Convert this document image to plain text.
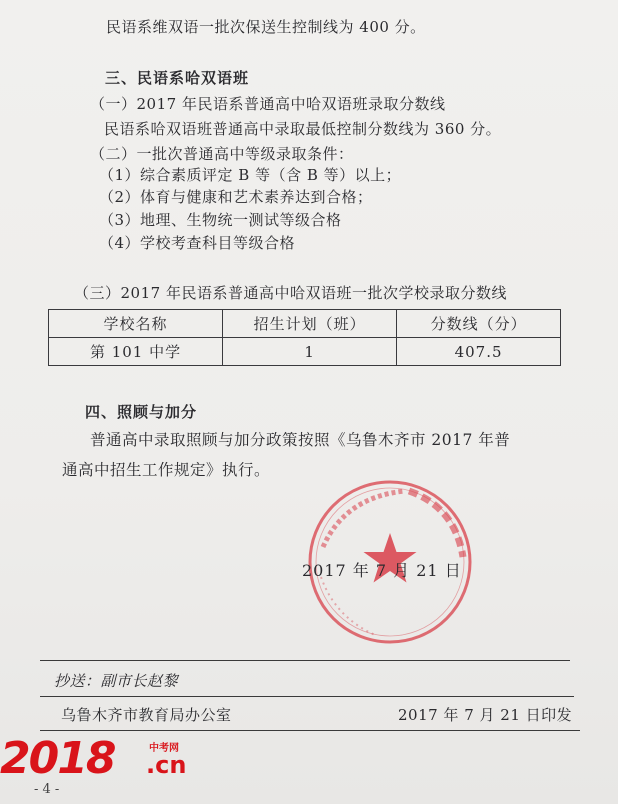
民语系维双语一批次保送生控制线为 400 分。
三、民语系哈双语班
（一）2017 年民语系普通高中哈双语班录取分数线
民语系哈双语班普通高中录取最低控制分数线为 360 分。
（二）一批次普通高中等级录取条件：
（1）综合素质评定 B 等（含 B 等）以上；
（2）体育与健康和艺术素养达到合格；
（3）地理、生物统一测试等级合格
（4）学校考查科目等级合格
（三）2017 年民语系普通高中哈双语班一批次学校录取分数线
学校名称	招生计划（班）	分数线（分）
第 101 中学	1	407.5
四、照顾与加分
普通高中录取照顾与加分政策按照《乌鲁木齐市 2017 年普
通高中招生工作规定》执行。
2017 年 7 月 21 日
抄送：副市长赵黎
乌鲁木齐市教育局办公室	2017 年 7 月 21 日印发
2018	中考网
.cn
- 4 -
